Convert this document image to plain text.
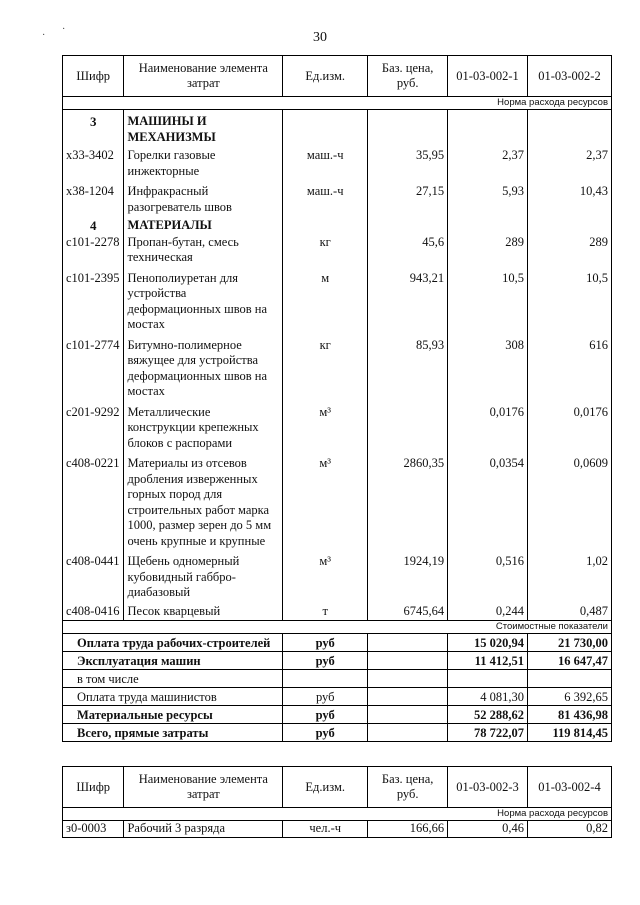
·
·
30
Шифр	Наименование элемента затрат	Ед.изм.	Баз. цена, руб.	01-03-002-1	01-03-002-2
Норма расхода ресурсов					
3	МАШИНЫ И МЕХАНИЗМЫ				
х33-3402	Горелки газовые инжекторные	маш.-ч	35,95	2,37	2,37
х38-1204	Инфракрасный разогреватель швов	маш.-ч	27,15	5,93	10,43
4	МАТЕРИАЛЫ				
с101-2278	Пропан-бутан, смесь техническая	кг	45,6	289	289
с101-2395	Пенополиуретан для устройства деформационных швов на мостах	м	943,21	10,5	10,5
с101-2774	Битумно-полимерное вяжущее для устройства деформационных швов на мостах	кг	85,93	308	616
с201-9292	Металлические конструкции крепежных блоков с распорами	м³		0,0176	0,0176
с408-0221	Материалы из отсевов дробления изверженных горных пород для строительных работ марка 1000, размер зерен до 5 мм очень крупные и крупные	м³	2860,35	0,0354	0,0609
с408-0441	Щебень одномерный кубовидный габбро-диабазовый	м³	1924,19	0,516	1,02
с408-0416	Песок кварцевый	т	6745,64	0,244	0,487
Стоимостные показатели					
Оплата труда рабочих-строителей		руб		15 020,94	21 730,00
Эксплуатация машин		руб		11 412,51	16 647,47
в том числе					
Оплата труда машинистов		руб		4 081,30	6 392,65
Материальные ресурсы		руб		52 288,62	81 436,98
Всего, прямые затраты		руб		78 722,07	119 814,45
Шифр	Наименование элемента затрат	Ед.изм.	Баз. цена, руб.	01-03-002-3	01-03-002-4
Норма расхода ресурсов					
з0-0003	Рабочий 3 разряда	чел.-ч	166,66	0,46	0,82
